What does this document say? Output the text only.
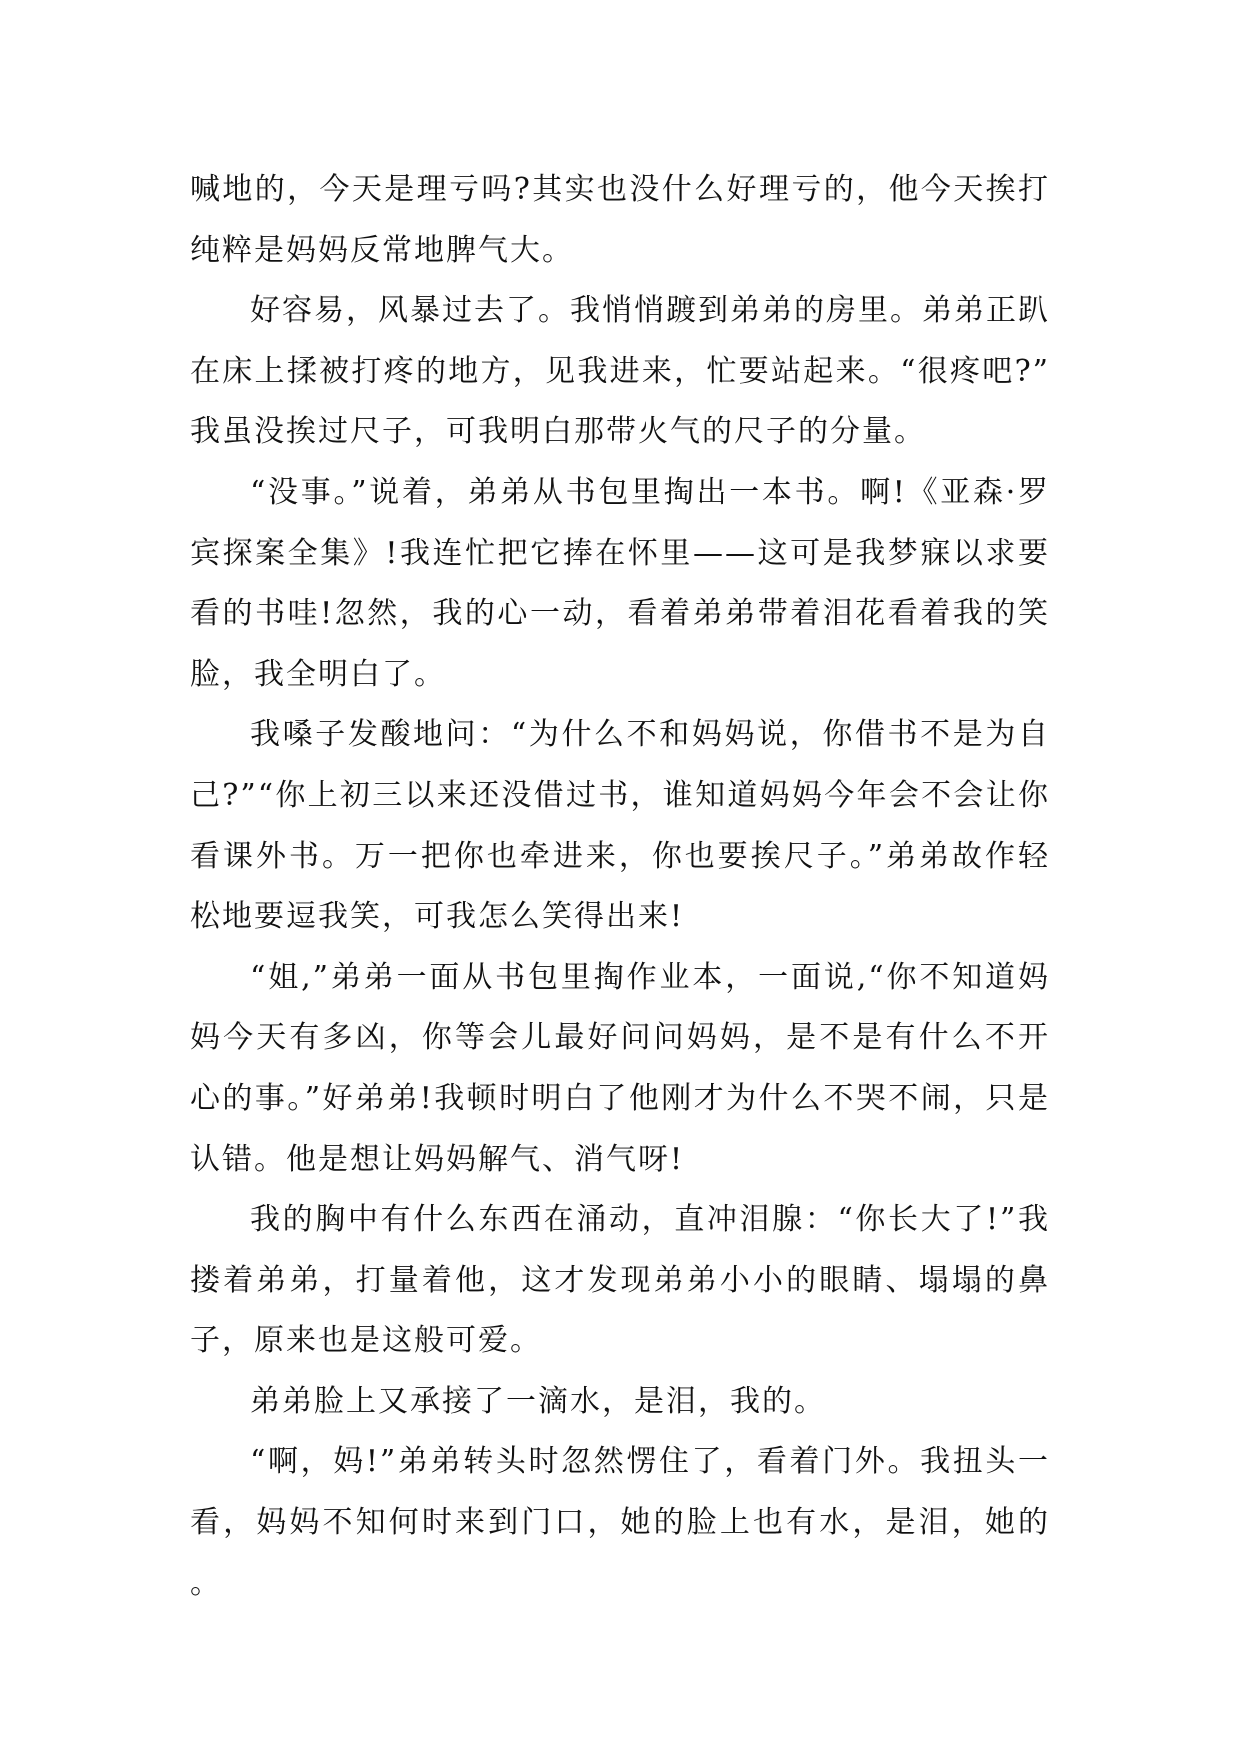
喊地的，今天是理亏吗?其实也没什么好理亏的，他今天挨打纯粹是妈妈反常地脾气大。

好容易，风暴过去了。我悄悄踱到弟弟的房里。弟弟正趴在床上揉被打疼的地方，见我进来，忙要站起来。“很疼吧?”我虽没挨过尺子，可我明白那带火气的尺子的分量。

“没事。”说着，弟弟从书包里掏出一本书。啊!《亚森·罗宾探案全集》!我连忙把它捧在怀里——这可是我梦寐以求要看的书哇!忽然，我的心一动，看着弟弟带着泪花看着我的笑脸，我全明白了。

我嗓子发酸地问：“为什么不和妈妈说，你借书不是为自己?”“你上初三以来还没借过书，谁知道妈妈今年会不会让你看课外书。万一把你也牵进来，你也要挨尺子。”弟弟故作轻松地要逗我笑，可我怎么笑得出来!

“姐,”弟弟一面从书包里掏作业本，一面说,“你不知道妈妈今天有多凶，你等会儿最好问问妈妈，是不是有什么不开心的事。”好弟弟!我顿时明白了他刚才为什么不哭不闹，只是认错。他是想让妈妈解气、消气呀!

我的胸中有什么东西在涌动，直冲泪腺：“你长大了!”我搂着弟弟，打量着他，这才发现弟弟小小的眼睛、塌塌的鼻子，原来也是这般可爱。

弟弟脸上又承接了一滴水，是泪，我的。

“啊，妈!”弟弟转头时忽然愣住了，看着门外。我扭头一看，妈妈不知何时来到门口，她的脸上也有水，是泪，她的。
